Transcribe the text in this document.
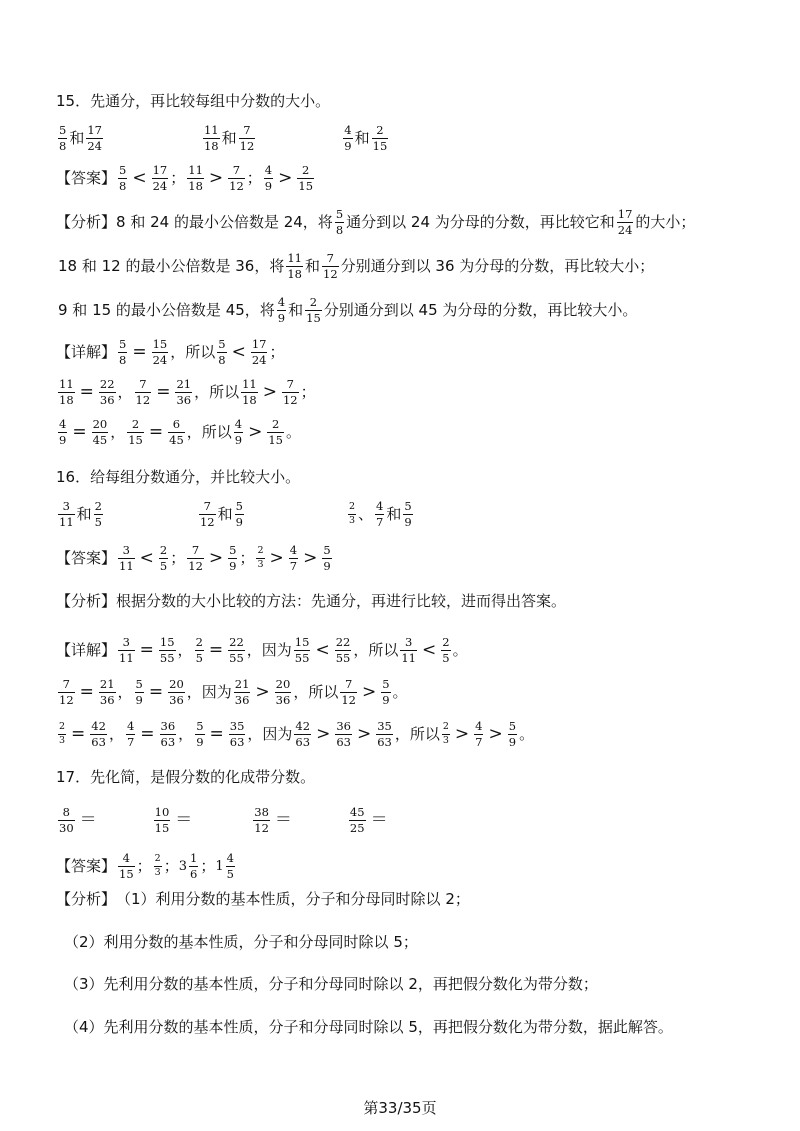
15．先通分，再比较每组中分数的大小。
$\frac{5}{8}$ 和 $\frac{17}{24}$	$\frac{11}{18}$ 和 $\frac{7}{12}$	$\frac{4}{9}$ 和 $\frac{2}{15}$
【答案】 $\frac{5}{8} < \frac{17}{24}$ ； $\frac{11}{18} > \frac{7}{12}$ ； $\frac{4}{9} > \frac{2}{15}$
【分析】 8 和 24 的最小公倍数是 24，将 $\frac{5}{8}$ 通分到以 24 为分母的分数，再比较它和 $\frac{17}{24}$ 的大小；
18 和 12 的最小公倍数是 36，将 $\frac{11}{18}$ 和 $\frac{7}{12}$ 分别通分到以 36 为分母的分数，再比较大小；
9 和 15 的最小公倍数是 45，将 $\frac{4}{9}$ 和 $\frac{2}{15}$ 分别通分到以 45 为分母的分数，再比较大小。
【详解】 $\frac{5}{8} = \frac{15}{24}$ ，所以 $\frac{5}{8} < \frac{17}{24}$ ；
$\frac{11}{18} = \frac{22}{36}$ ， $\frac{7}{12} = \frac{21}{36}$ ，所以 $\frac{11}{18} > \frac{7}{12}$ ；
$\frac{4}{9} = \frac{20}{45}$ ， $\frac{2}{15} = \frac{6}{45}$ ，所以 $\frac{4}{9} > \frac{2}{15}$ 。
16．给每组分数通分，并比较大小。
$\frac{3}{11}$ 和 $\frac{2}{5}$	$\frac{7}{12}$ 和 $\frac{5}{9}$	$\frac{2}{3}$ 、 $\frac{4}{7}$ 和 $\frac{5}{9}$
【答案】 $\frac{3}{11} < \frac{2}{5}$ ； $\frac{7}{12} > \frac{5}{9}$ ； $\frac{2}{3} > \frac{4}{7} > \frac{5}{9}$
【分析】 根据分数的大小比较的方法：先通分，再进行比较，进而得出答案。
【详解】 $\frac{3}{11} = \frac{15}{55}$ ， $\frac{2}{5} = \frac{22}{55}$ ，因为 $\frac{15}{55} < \frac{22}{55}$ ，所以 $\frac{3}{11} < \frac{2}{5}$ 。
$\frac{7}{12} = \frac{21}{36}$ ， $\frac{5}{9} = \frac{20}{36}$ ，因为 $\frac{21}{36} > \frac{20}{36}$ ，所以 $\frac{7}{12} > \frac{5}{9}$ 。
$\frac{2}{3} = \frac{42}{63}$ ， $\frac{4}{7} = \frac{36}{63}$ ， $\frac{5}{9} = \frac{35}{63}$ ，因为 $\frac{42}{63} > \frac{36}{63} > \frac{35}{63}$ ，所以 $\frac{2}{3} > \frac{4}{7} > \frac{5}{9}$ 。
17．先化简，是假分数的化成带分数。
$\frac{8}{30}$ ＝	$\frac{10}{15}$ ＝	$\frac{38}{12}$ ＝	$\frac{45}{25}$ ＝
【答案】 $\frac{4}{15}$ ； $\frac{2}{3}$ ； $3 \frac{1}{6}$ ； $1 \frac{4}{5}$
【分析】 （1）利用分数的基本性质，分子和分母同时除以 2；
（2）利用分数的基本性质，分子和分母同时除以 5；
（3）先利用分数的基本性质，分子和分母同时除以 2，再把假分数化为带分数；
（4）先利用分数的基本性质，分子和分母同时除以 5，再把假分数化为带分数，据此解答。
第33/35页
